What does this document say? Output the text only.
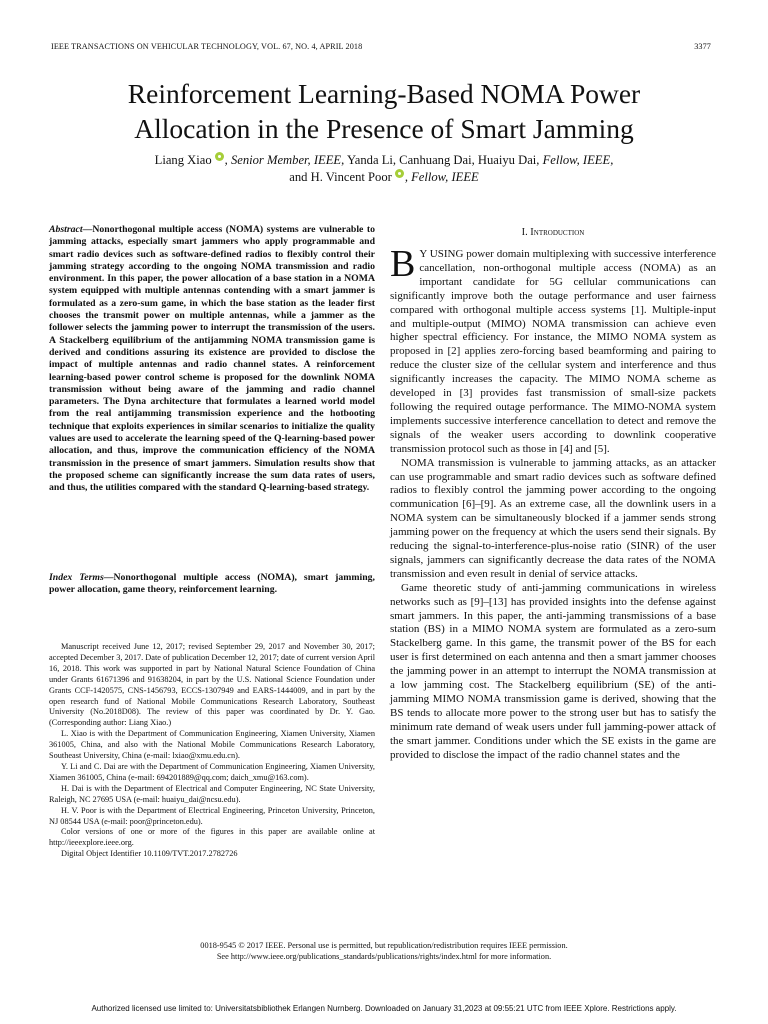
IEEE TRANSACTIONS ON VEHICULAR TECHNOLOGY, VOL. 67, NO. 4, APRIL 2018	3377
Reinforcement Learning-Based NOMA Power
Allocation in the Presence of Smart Jamming
Liang Xiao , Senior Member, IEEE, Yanda Li, Canhuang Dai, Huaiyu Dai, Fellow, IEEE,
and H. Vincent Poor , Fellow, IEEE
Abstract—Nonorthogonal multiple access (NOMA) systems are vulnerable to jamming attacks, especially smart jammers who apply programmable and smart radio devices such as software-defined radios to flexibly control their jamming strategy according to the ongoing NOMA transmission and radio environment. In this paper, the power allocation of a base station in a NOMA system equipped with multiple antennas contending with a smart jammer is formulated as a zero-sum game, in which the base station as the leader first chooses the transmit power on multiple antennas, while a jammer as the follower selects the jamming power to interrupt the transmission of the users. A Stackelberg equilibrium of the antijamming NOMA transmission game is derived and conditions assuring its existence are provided to disclose the impact of multiple antennas and radio channel states. A reinforcement learning-based power control scheme is proposed for the downlink NOMA transmission without being aware of the jamming and radio channel parameters. The Dyna architecture that formulates a learned world model from the real antijamming transmission experience and the hotbooting technique that exploits experiences in similar scenarios to initialize the quality values are used to accelerate the learning speed of the Q-learning-based power allocation, and thus, improve the communication efficiency of the NOMA transmission in the presence of smart jammers. Simulation results show that the proposed scheme can significantly increase the sum data rates of users, and thus, the utilities compared with the standard Q-learning-based strategy.
Index Terms—Nonorthogonal multiple access (NOMA), smart jamming, power allocation, game theory, reinforcement learning.

Manuscript received June 12, 2017; revised September 29, 2017 and November 30, 2017; accepted December 3, 2017. Date of publication December 12, 2017; date of current version April 16, 2018. This work was supported in part by National Natural Science Foundation of China under Grants 61671396 and 91638204, in part by the U.S. National Science Foundation under Grants CCF-1420575, CNS-1456793, ECCS-1307949 and EARS-1444009, and in part by the open research fund of National Mobile Communications Research Laboratory, Southeast University (No.2018D08). The review of this paper was coordinated by Dr. Y. Gao. (Corresponding author: Liang Xiao.)

L. Xiao is with the Department of Communication Engineering, Xiamen University, Xiamen 361005, China, and also with the National Mobile Communications Research Laboratory, Southeast University, China (e-mail: lxiao@xmu.edu.cn).

Y. Li and C. Dai are with the Department of Communication Engineering, Xiamen University, Xiamen 361005, China (e-mail: 694201889@qq.com; daich_xmu@163.com).

H. Dai is with the Department of Electrical and Computer Engineering, NC State University, Raleigh, NC 27695 USA (e-mail: huaiyu_dai@ncsu.edu).

H. V. Poor is with the Department of Electrical Engineering, Princeton University, Princeton, NJ 08544 USA (e-mail: poor@princeton.edu).

Color versions of one or more of the figures in this paper are available online at http://ieeexplore.ieee.org.

Digital Object Identifier 10.1109/TVT.2017.2782726

I. Introduction

B Y USING power domain multiplexing with successive interference cancellation, non-orthogonal multiple access (NOMA) as an important candidate for 5G cellular communications can significantly improve both the outage performance and user fairness compared with orthogonal multiple access systems [1]. Multiple-input and multiple-output (MIMO) NOMA transmission can achieve even higher spectral efficiency. For instance, the MIMO NOMA system as proposed in [2] applies zero-forcing based beamforming and pairing to reduce the cluster size of the cellular system and interference and thus significantly increases the capacity. The MIMO NOMA scheme as developed in [3] provides fast transmission of small-size packets following the required outage performance. The MIMO-NOMA system implements successive interference cancellation to detect and remove the signals of the weaker users according to downlink cooperative transmission protocol such as those in [4] and [5].

NOMA transmission is vulnerable to jamming attacks, as an attacker can use programmable and smart radio devices such as software defined radios to flexibly control the jamming power according to the ongoing communication [6]–[9]. As an extreme case, all the downlink users in a NOMA system can be simultaneously blocked if a jammer sends strong jamming power on the frequency at which the users send their signals. By reducing the signal-to-interference-plus-noise ratio (SINR) of the user signals, jammers can significantly decrease the data rates of the NOMA transmission and even result in denial of service attacks.

Game theoretic study of anti-jamming communications in wireless networks such as [9]–[13] has provided insights into the defense against smart jammers. In this paper, the anti-jamming transmissions of a base station (BS) in a MIMO NOMA system are formulated as a zero-sum Stackelberg game. In this game, the transmit power of the BS for each user is first determined on each antenna and then a smart jammer chooses the jamming power in an attempt to interrupt the NOMA transmission at a low jamming cost. The Stackelberg equilibrium (SE) of the anti-jamming MIMO NOMA transmission game is derived, showing that the BS tends to allocate more power to the strong user but has to satisfy the minimum rate demand of weak users under full jamming-power attack of the smart jammer. Conditions under which the SE exists in the game are provided to disclose the impact of the radio channel states and the

0018-9545 © 2017 IEEE. Personal use is permitted, but republication/redistribution requires IEEE permission.
See http://www.ieee.org/publications_standards/publications/rights/index.html for more information.
Authorized licensed use limited to: Universitatsbibliothek Erlangen Nurnberg. Downloaded on January 31,2023 at 09:55:21 UTC from IEEE Xplore. Restrictions apply.
